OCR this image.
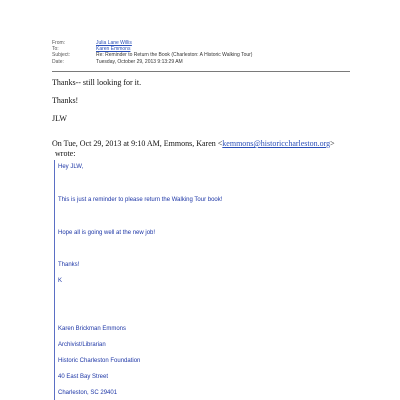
From:	Julia Lane Willis
To:	Karen Emmons
Subject:	Re: Reminder to Return the Book (Charleston: A Historic Walking Tour)
Date:	Tuesday, October 29, 2013 9:13:29 AM
Thanks-- still looking for it.
Thanks!
JLW
On Tue, Oct 29, 2013 at 9:10 AM, Emmons, Karen <kemmons@historiccharleston.org>
wrote:
Hey JLW,
This is just a reminder to please return the Walking Tour book!
Hope all is going well at the new job!
Thanks!
K
Karen Brickman Emmons
Archivist/Librarian
Historic Charleston Foundation
40 East Bay Street
Charleston, SC 29401
